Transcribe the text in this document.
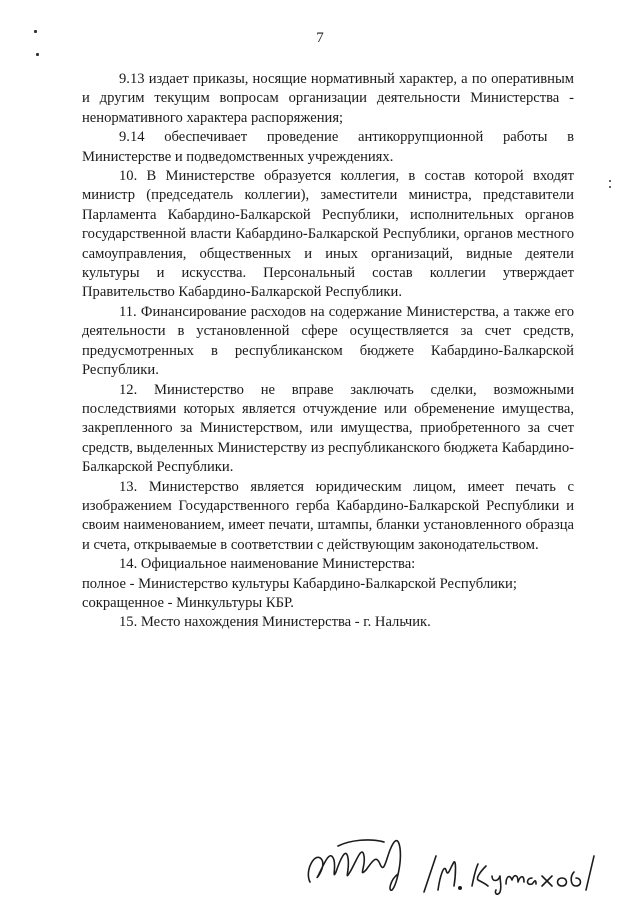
7

9.13 издает приказы, носящие нормативный характер, а по оперативным и другим текущим вопросам организации деятельности Министерства - ненормативного характера распоряжения;

9.14 обеспечивает проведение антикоррупционной работы в Министерстве и подведомственных учреждениях.

10. В Министерстве образуется коллегия, в состав которой входят министр (председатель коллегии), заместители министра, представители Парламента Кабардино-Балкарской Республики, исполнительных органов государственной власти Кабардино-Балкарской Республики, органов местного самоуправления, общественных и иных организаций, видные деятели культуры и искусства. Персональный состав коллегии утверждает Правительство Кабардино-Балкарской Республики.

11. Финансирование расходов на содержание Министерства, а также его деятельности в установленной сфере осуществляется за счет средств, предусмотренных в республиканском бюджете Кабардино-Балкарской Республики.

12. Министерство не вправе заключать сделки, возможными последствиями которых является отчуждение или обременение имущества, закрепленного за Министерством, или имущества, приобретенного за счет средств, выделенных Министерству из республиканского бюджета Кабардино-Балкарской Республики.

13. Министерство является юридическим лицом, имеет печать с изображением Государственного герба Кабардино-Балкарской Республики и своим наименованием, имеет печати, штампы, бланки установленного образца и счета, открываемые в соответствии с действующим законодательством.

14. Официальное наименование Министерства:

полное - Министерство культуры Кабардино-Балкарской Республики;

сокращенное - Минкультуры КБР.

15. Место нахождения Министерства - г. Нальчик.
